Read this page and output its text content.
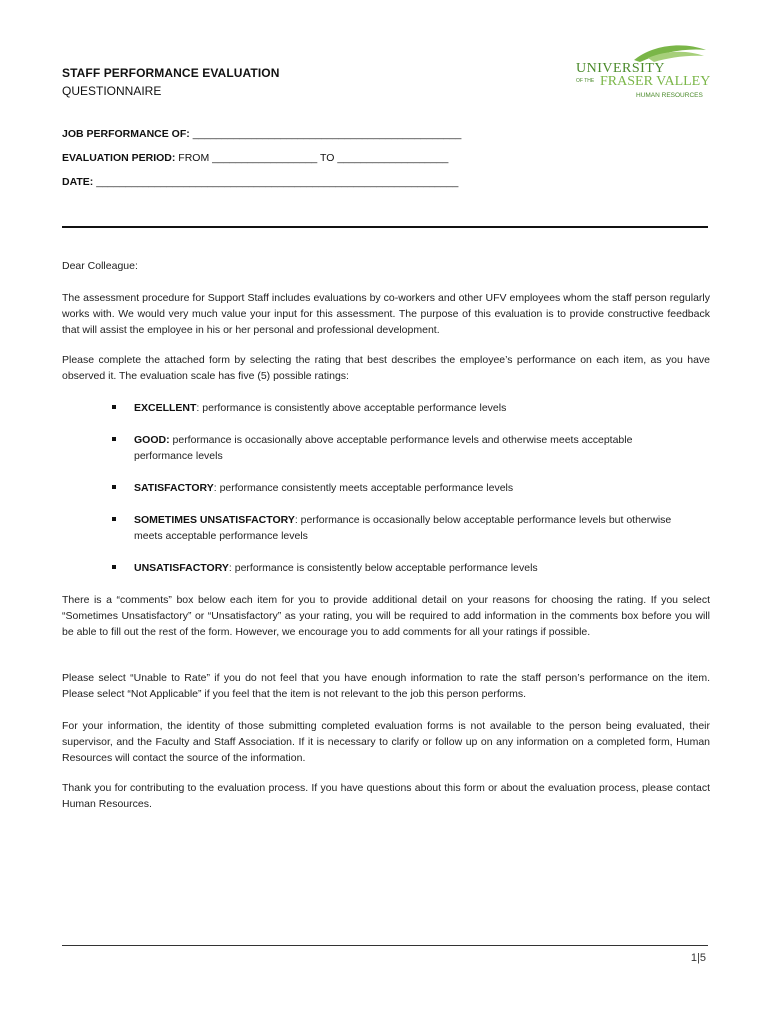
STAFF PERFORMANCE EVALUATION
QUESTIONNAIRE
UNIVERSITY
OF THE FRASER VALLEY
HUMAN RESOURCES
JOB PERFORMANCE OF: ______________________________________________
EVALUATION PERIOD: FROM __________________ TO ___________________
DATE: ______________________________________________________________
Dear Colleague:
The assessment procedure for Support Staff includes evaluations by co-workers and other UFV employees whom the staff person regularly works with. We would very much value your input for this assessment. The purpose of this evaluation is to provide constructive feedback that will assist the employee in his or her personal and professional development.
Please complete the attached form by selecting the rating that best describes the employee’s performance on each item, as you have observed it. The evaluation scale has five (5) possible ratings:
EXCELLENT: performance is consistently above acceptable performance levels
GOOD: performance is occasionally above acceptable performance levels and otherwise meets acceptable performance levels
SATISFACTORY: performance consistently meets acceptable performance levels
SOMETIMES UNSATISFACTORY: performance is occasionally below acceptable performance levels but otherwise meets acceptable performance levels
UNSATISFACTORY: performance is consistently below acceptable performance levels
There is a “comments” box below each item for you to provide additional detail on your reasons for choosing the rating. If you select “Sometimes Unsatisfactory” or “Unsatisfactory” as your rating, you will be required to add information in the comments box before you will be able to fill out the rest of the form. However, we encourage you to add comments for all your ratings if possible.
Please select “Unable to Rate” if you do not feel that you have enough information to rate the staff person’s performance on the item. Please select “Not Applicable” if you feel that the item is not relevant to the job this person performs.
For your information, the identity of those submitting completed evaluation forms is not available to the person being evaluated, their supervisor, and the Faculty and Staff Association. If it is necessary to clarify or follow up on any information on a completed form, Human Resources will contact the source of the information.
Thank you for contributing to the evaluation process. If you have questions about this form or about the evaluation process, please contact Human Resources.
1|5
